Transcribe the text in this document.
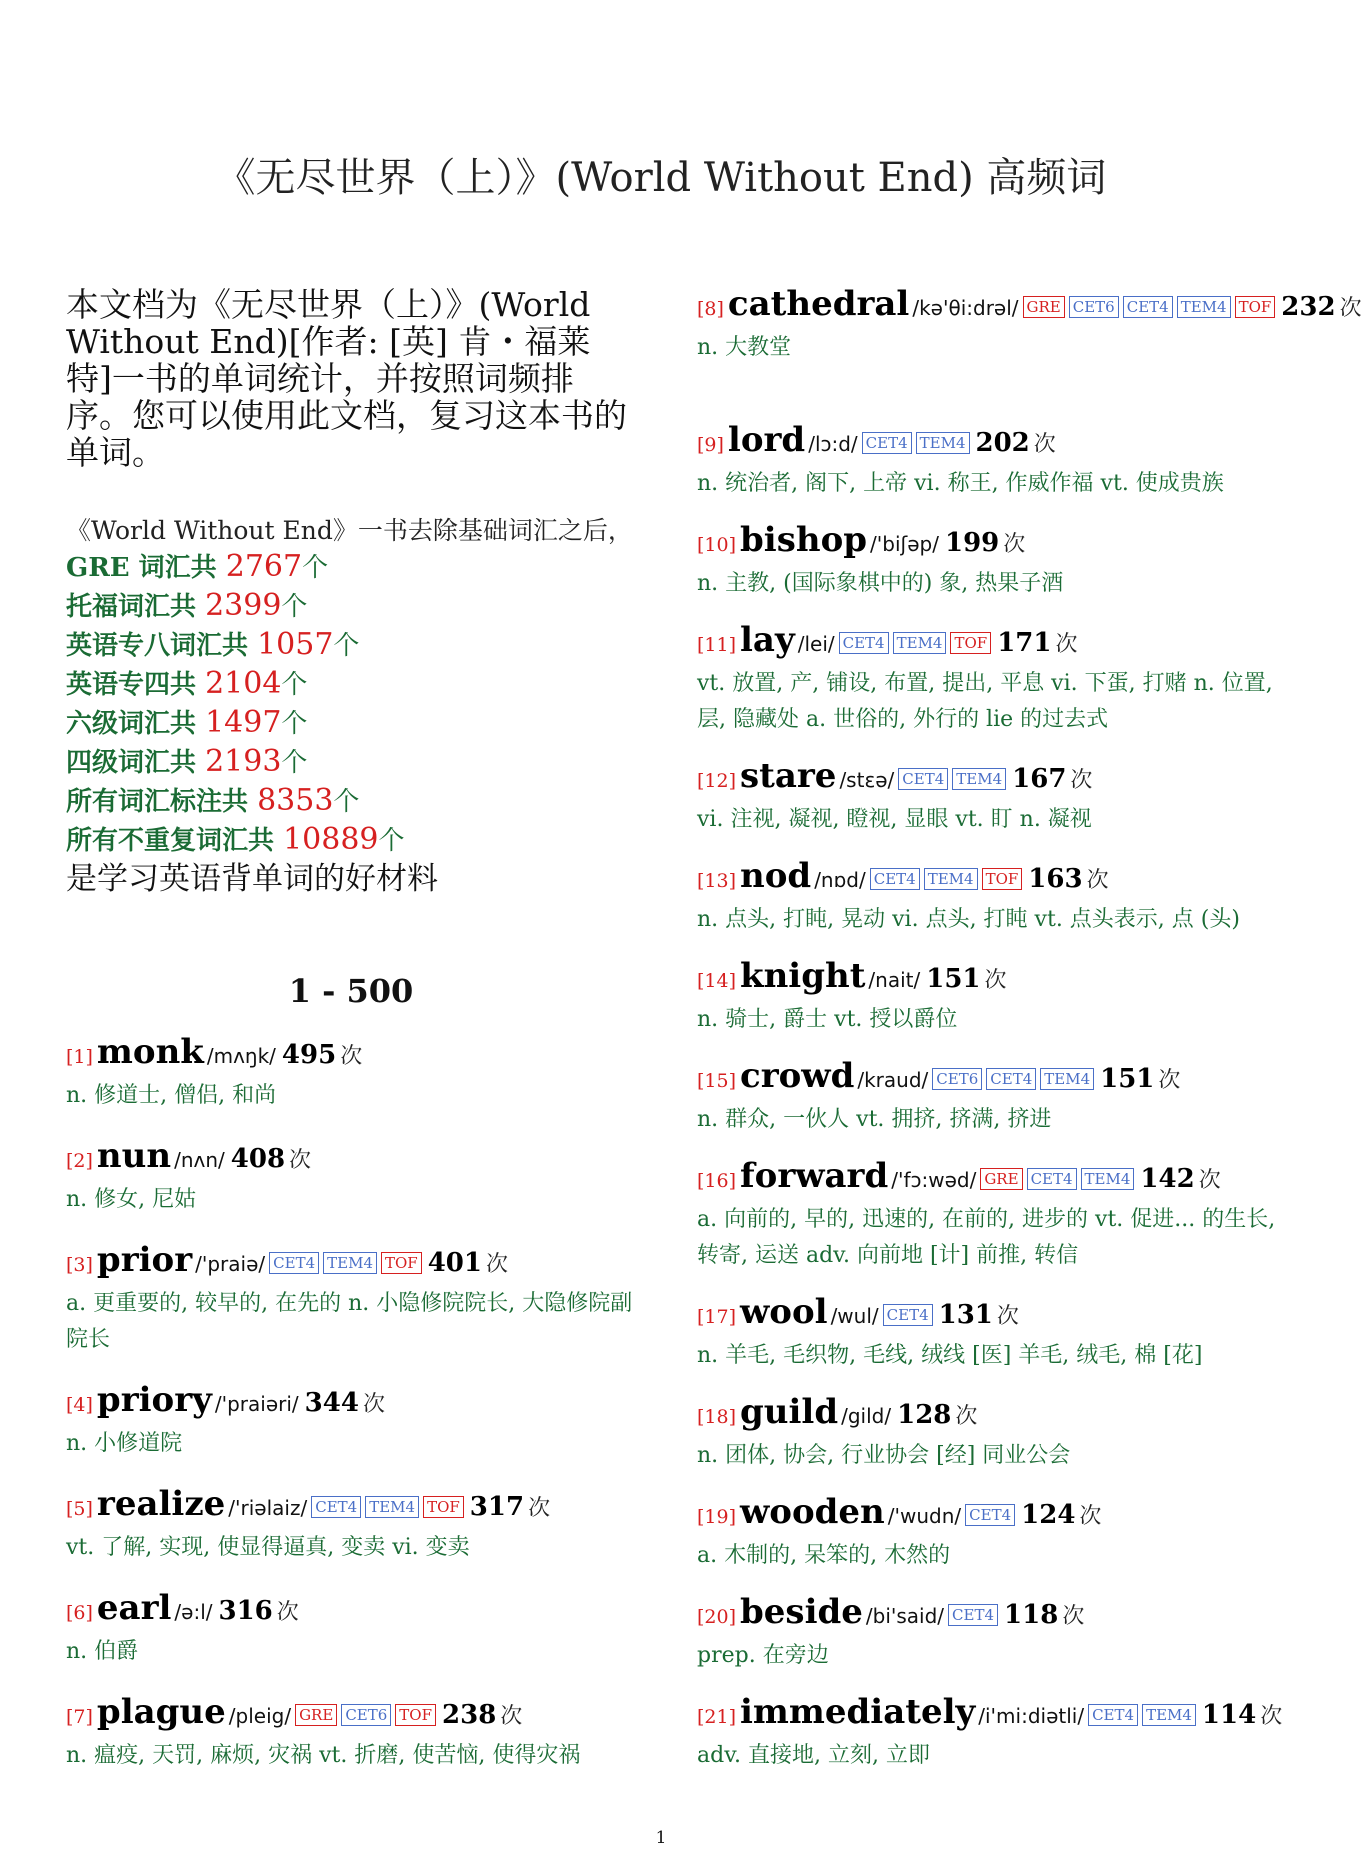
《无尽世界（上）》(World Without End) 高频词
本文档为《无尽世界（上）》(World Without End)[作者: [英] 肯・福莱特]一书的单词统计，并按照词频排序。您可以使用此文档，复习这本书的单词。
《World Without End》一书去除基础词汇之后，
GRE 词汇共 2767个
托福词汇共 2399个
英语专八词汇共 1057个
英语专四共 2104个
六级词汇共 1497个
四级词汇共 2193个
所有词汇标注共 8353个
所有不重复词汇共 10889个
是学习英语背单词的好材料
1 - 500
[1] monk /mʌŋk/ 495 次
n. 修道士, 僧侣, 和尚
[2] nun /nʌn/ 408 次
n. 修女, 尼姑
[3] prior /'praiə/ CET4 TEM4 TOF 401 次
a. 更重要的, 较早的, 在先的 n. 小隐修院院长, 大隐修院副院长
[4] priory /'praiəri/ 344 次
n. 小修道院
[5] realize /'riəlaiz/ CET4 TEM4 TOF 317 次
vt. 了解, 实现, 使显得逼真, 变卖 vi. 变卖
[6] earl /ə:l/ 316 次
n. 伯爵
[7] plague /pleig/ GRE CET6 TOF 238 次
n. 瘟疫, 天罚, 麻烦, 灾祸 vt. 折磨, 使苦恼, 使得灾祸
[8] cathedral /kə'θi:drəl/ GRE CET6 CET4 TEM4 TOF 232 次
n. 大教堂
[9] lord /lɔ:d/ CET4 TEM4 202 次
n. 统治者, 阁下, 上帝 vi. 称王, 作威作福 vt. 使成贵族
[10] bishop /'biʃəp/ 199 次
n. 主教, (国际象棋中的) 象, 热果子酒
[11] lay /lei/ CET4 TEM4 TOF 171 次
vt. 放置, 产, 铺设, 布置, 提出, 平息 vi. 下蛋, 打赌 n. 位置, 层, 隐藏处 a. 世俗的, 外行的 lie 的过去式
[12] stare /stεə/ CET4 TEM4 167 次
vi. 注视, 凝视, 瞪视, 显眼 vt. 盯 n. 凝视
[13] nod /nɒd/ CET4 TEM4 TOF 163 次
n. 点头, 打盹, 晃动 vi. 点头, 打盹 vt. 点头表示, 点 (头)
[14] knight /nait/ 151 次
n. 骑士, 爵士 vt. 授以爵位
[15] crowd /kraud/ CET6 CET4 TEM4 151 次
n. 群众, 一伙人 vt. 拥挤, 挤满, 挤进
[16] forward /'fɔ:wəd/ GRE CET4 TEM4 142 次
a. 向前的, 早的, 迅速的, 在前的, 进步的 vt. 促进... 的生长, 转寄, 运送 adv. 向前地 [计] 前推, 转信
[17] wool /wul/ CET4 131 次
n. 羊毛, 毛织物, 毛线, 绒线 [医] 羊毛, 绒毛, 棉 [花]
[18] guild /gild/ 128 次
n. 团体, 协会, 行业协会 [经] 同业公会
[19] wooden /'wudn/ CET4 124 次
a. 木制的, 呆笨的, 木然的
[20] beside /bi'said/ CET4 118 次
prep. 在旁边
[21] immediately /i'mi:diətli/ CET4 TEM4 114 次
adv. 直接地, 立刻, 立即
1
